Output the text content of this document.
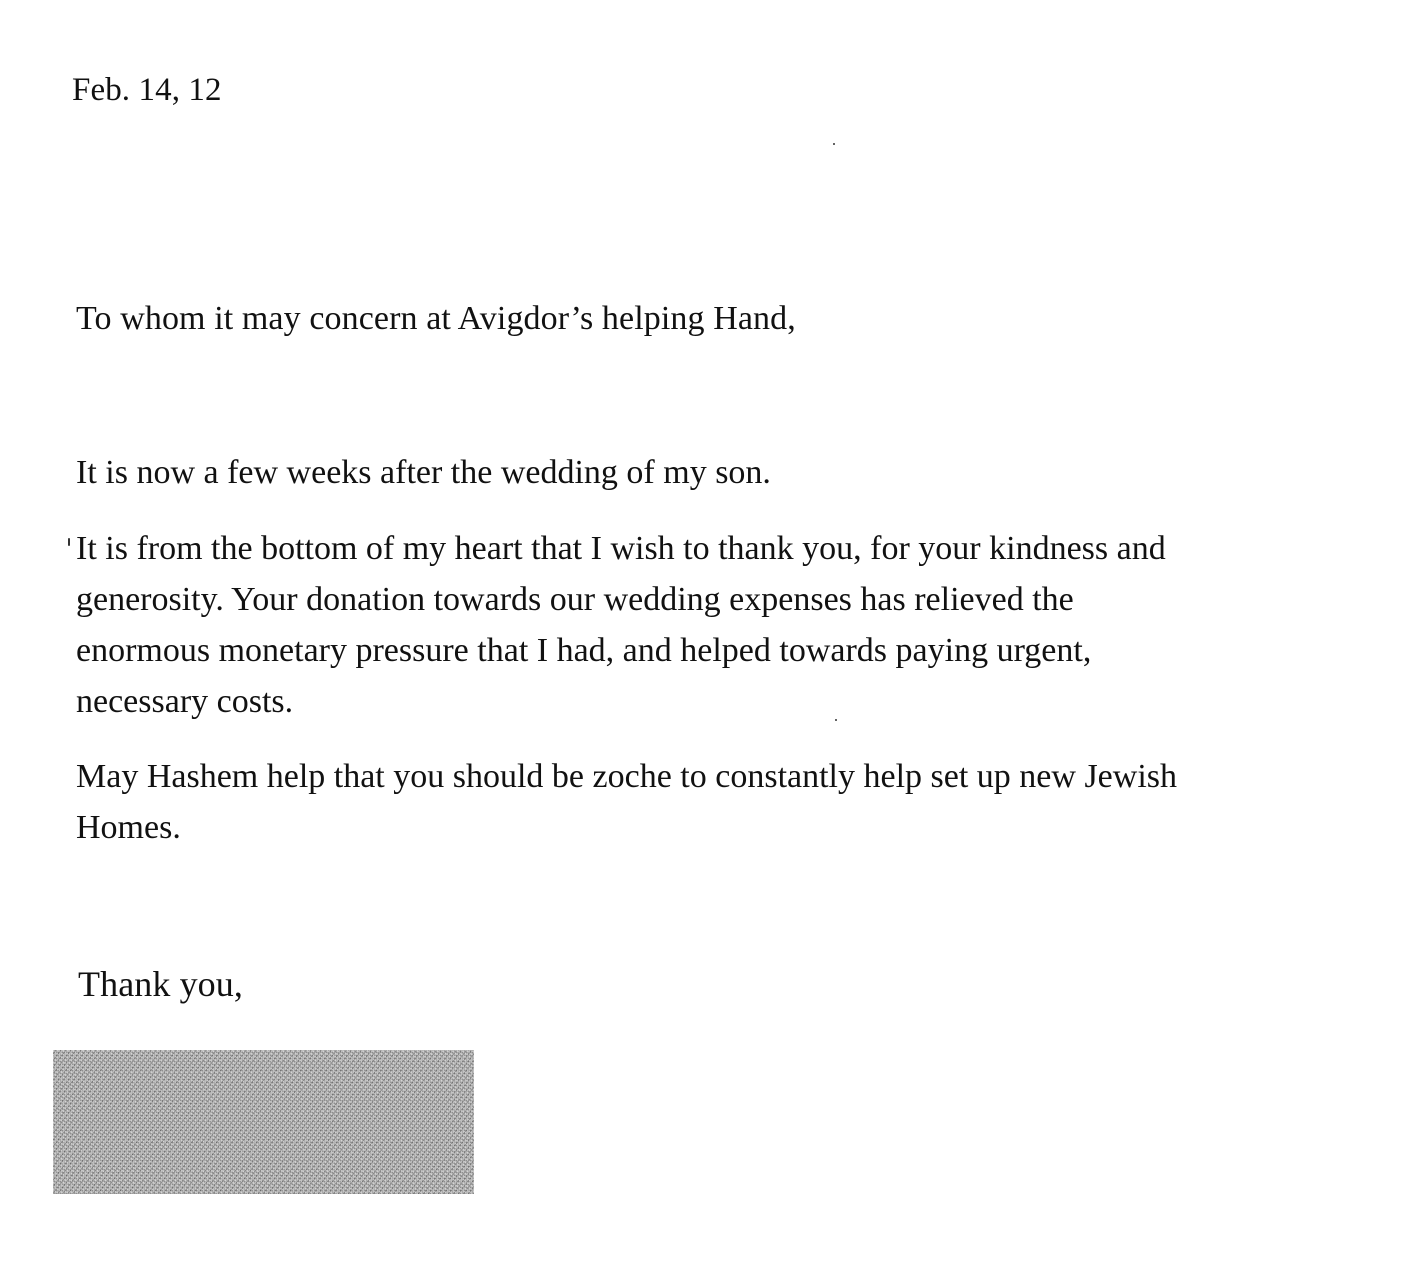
Feb. 14, 12

To whom it may concern at Avigdor’s helping Hand,

It is now a few weeks after the wedding of my son.

It is from the bottom of my heart that I wish to thank you, for your kindness and
generosity. Your donation towards our wedding expenses has relieved the
enormous monetary pressure that I had, and helped towards paying urgent,
necessary costs.

May Hashem help that you should be zoche to constantly help set up new Jewish
Homes.

Thank you,
